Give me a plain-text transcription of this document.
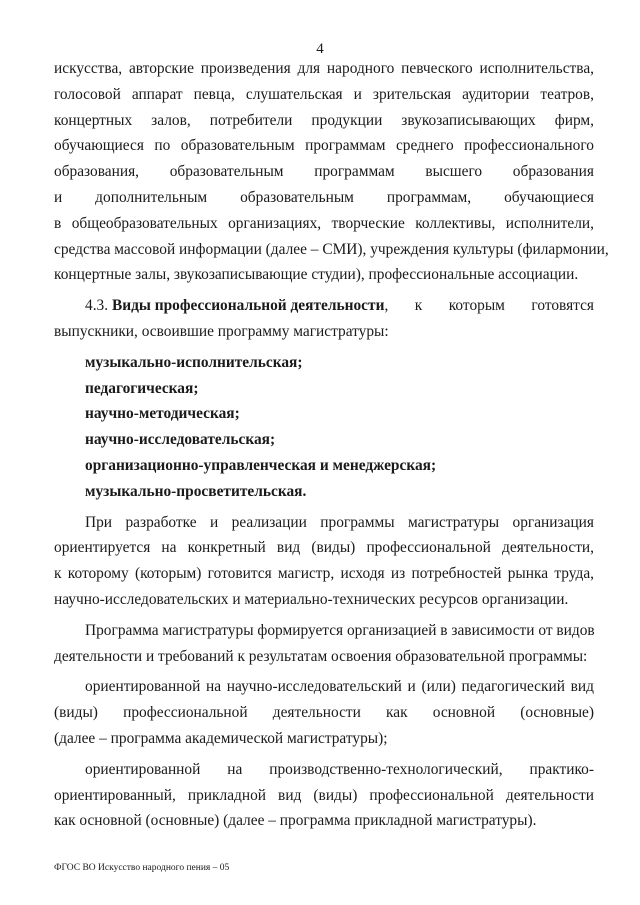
4
искусства, авторские произведения для народного певческого исполнительства,
голосовой аппарат певца, слушательская и зрительская аудитории театров,
концертных залов, потребители продукции звукозаписывающих фирм,
обучающиеся по образовательным программам среднего профессионального
образования, образовательным программам высшего образования
и дополнительным образовательным программам, обучающиеся
в общеобразовательных организациях, творческие коллективы, исполнители,
средства массовой информации (далее – СМИ), учреждения культуры (филармонии,
концертные залы, звукозаписывающие студии), профессиональные ассоциации.
4.3.
Виды профессиональной деятельности , к которым готовятся
выпускники, освоившие программу магистратуры:
музыкально-исполнительская;
педагогическая;
научно-методическая;
научно-исследовательская;
организационно-управленческая и менеджерская;
музыкально-просветительская.
При разработке и реализации программы магистратуры организация
ориентируется на конкретный вид (виды) профессиональной деятельности,
к которому (которым) готовится магистр, исходя из потребностей рынка труда,
научно-исследовательских и материально-технических ресурсов организации.
Программа магистратуры формируется организацией в зависимости от видов
деятельности и требований к результатам освоения образовательной программы:
ориентированной на научно-исследовательский и (или) педагогический вид
(виды) профессиональной деятельности как основной (основные)
(далее – программа академической магистратуры);
ориентированной на производственно-технологический, практико-
ориентированный, прикладной вид (виды) профессиональной деятельности
как основной (основные) (далее – программа прикладной магистратуры).
ФГОС ВО Искусство народного пения – 05
